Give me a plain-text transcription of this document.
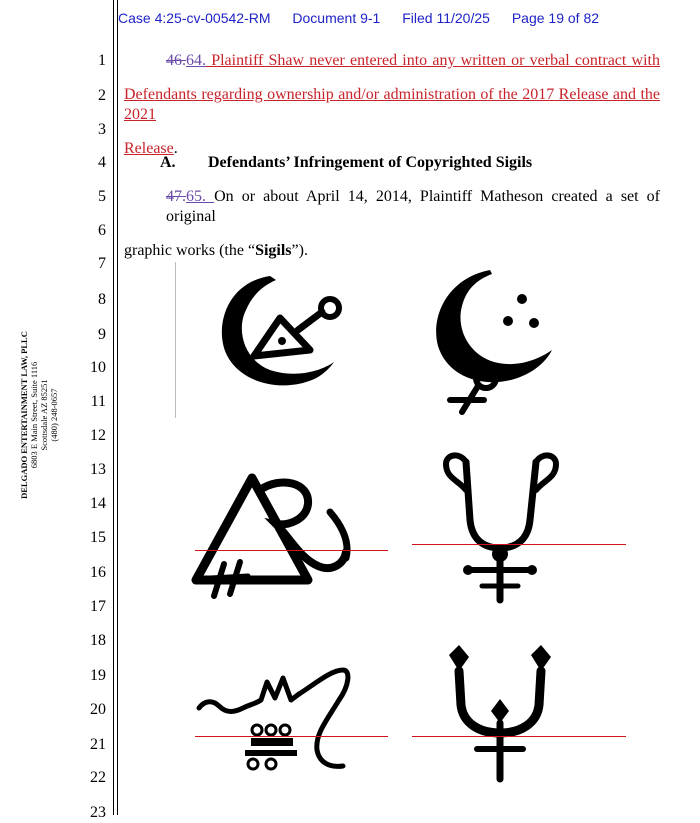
Case 4:25-cv-00542-RM Document 9-1 Filed 11/20/25 Page 19 of 82
1
2
3
4
5
6
7
8
9
10
11
12
13
14
15
16
17
18
19
20
21
22
23
DELGADO ENTERTAINMENT LAW, PLLC 6803 E Main Street, Suite 1116 Scottsdale AZ 85251 (480) 248-0657
46.64. Plaintiff Shaw never entered into any written or verbal contract with
Defendants regarding ownership and/or administration of the 2017 Release and the 2021
Release.
A. Defendants’ Infringement of Copyrighted Sigils
47.65. On or about April 14, 2014, Plaintiff Matheson created a set of original
graphic works (the “Sigils”).
